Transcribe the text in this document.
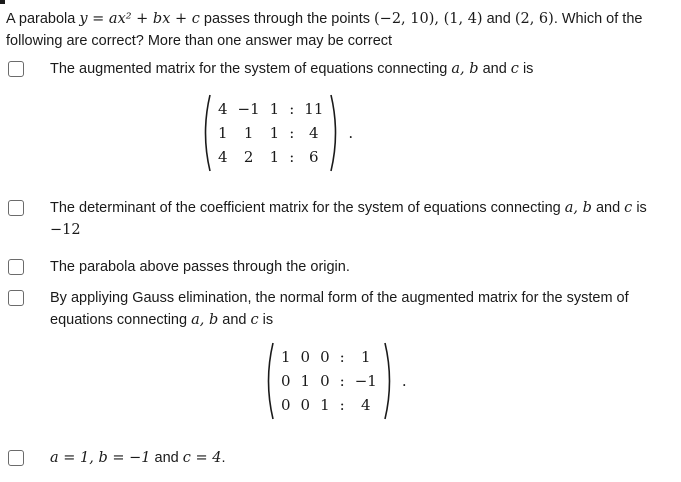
A parabola y = ax² + bx + c passes through the points (−2, 10), (1, 4) and (2, 6). Which of the following are correct? More than one answer may be correct
The augmented matrix for the system of equations connecting a, b and c is
4	−1	1	:	11
1	1	1	:	4
4	2	1	:	6
.
The determinant of the coefficient matrix for the system of equations connecting a, b and c is −12
The parabola above passes through the origin.
By appliying Gauss elimination, the normal form of the augmented matrix for the system of equations connecting a, b and c is
1	0	0	:	1
0	1	0	:	−1
0	0	1	:	4
.
a = 1, b = −1 and c = 4.
